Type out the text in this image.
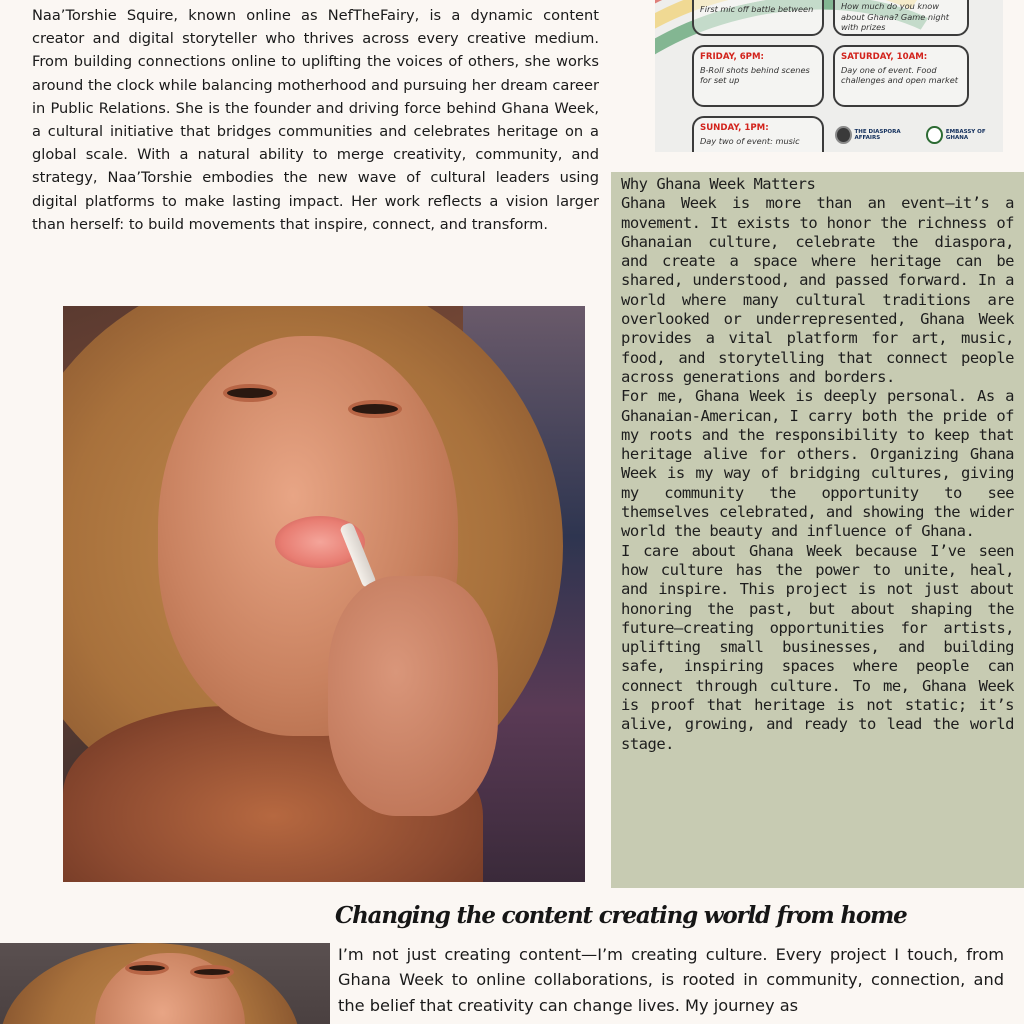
Naa’Torshie Squire, known online as NefTheFairy, is a dynamic content creator and digital storyteller who thrives across every creative medium. From building connections online to uplifting the voices of others, she works around the clock while balancing motherhood and pursuing her dream career in Public Relations. She is the founder and driving force behind Ghana Week, a cultural initiative that bridges communities and celebrates heritage on a global scale. With a natural ability to merge creativity, community, and strategy, Naa’Torshie embodies the new wave of cultural leaders using digital platforms to make lasting impact. Her work reflects a vision larger than herself: to build movements that inspire, connect, and transform.

First mic off battle between	How much do you know about Ghana? Game night with prizes
FRIDAY, 6PM:
B-Roll shots behind scenes for set up
SATURDAY, 10AM:
Day one of event. Food challenges and open market
SUNDAY, 1PM:
Day two of event: music
THE DIASPORA AFFAIRS
EMBASSY OF GHANA
Why Ghana Week Matters

Ghana Week is more than an event—it’s a movement. It exists to honor the richness of Ghanaian culture, celebrate the diaspora, and create a space where heritage can be shared, understood, and passed forward. In a world where many cultural traditions are overlooked or underrepresented, Ghana Week provides a vital platform for art, music, food, and storytelling that connect people across generations and borders.

For me, Ghana Week is deeply personal. As a Ghanaian-American, I carry both the pride of my roots and the responsibility to keep that heritage alive for others. Organizing Ghana Week is my way of bridging cultures, giving my community the opportunity to see themselves celebrated, and showing the wider world the beauty and influence of Ghana.

I care about Ghana Week because I’ve seen how culture has the power to unite, heal, and inspire. This project is not just about honoring the past, but about shaping the future—creating opportunities for artists, uplifting small businesses, and building safe, inspiring spaces where people can connect through culture. To me, Ghana Week is proof that heritage is not static; it’s alive, growing, and ready to lead the world stage.

Changing the content creating world from home

I’m not just creating content—I’m creating culture. Every project I touch, from Ghana Week to online collaborations, is rooted in community, connection, and the belief that creativity can change lives. My journey as
